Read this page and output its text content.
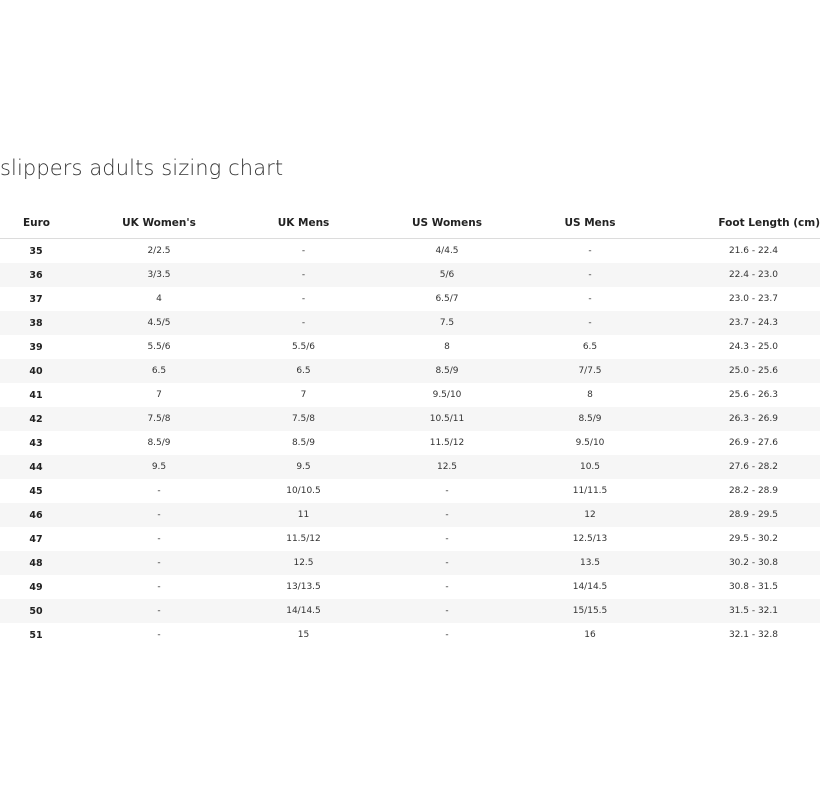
slippers adults sizing chart
Euro	UK Women's	UK Mens	US Womens	US Mens	Foot Length (cm)
35	2/2.5	-	4/4.5	-	21.6 - 22.4
36	3/3.5	-	5/6	-	22.4 - 23.0
37	4	-	6.5/7	-	23.0 - 23.7
38	4.5/5	-	7.5	-	23.7 - 24.3
39	5.5/6	5.5/6	8	6.5	24.3 - 25.0
40	6.5	6.5	8.5/9	7/7.5	25.0 - 25.6
41	7	7	9.5/10	8	25.6 - 26.3
42	7.5/8	7.5/8	10.5/11	8.5/9	26.3 - 26.9
43	8.5/9	8.5/9	11.5/12	9.5/10	26.9 - 27.6
44	9.5	9.5	12.5	10.5	27.6 - 28.2
45	-	10/10.5	-	11/11.5	28.2 - 28.9
46	-	11	-	12	28.9 - 29.5
47	-	11.5/12	-	12.5/13	29.5 - 30.2
48	-	12.5	-	13.5	30.2 - 30.8
49	-	13/13.5	-	14/14.5	30.8 - 31.5
50	-	14/14.5	-	15/15.5	31.5 - 32.1
51	-	15	-	16	32.1 - 32.8
